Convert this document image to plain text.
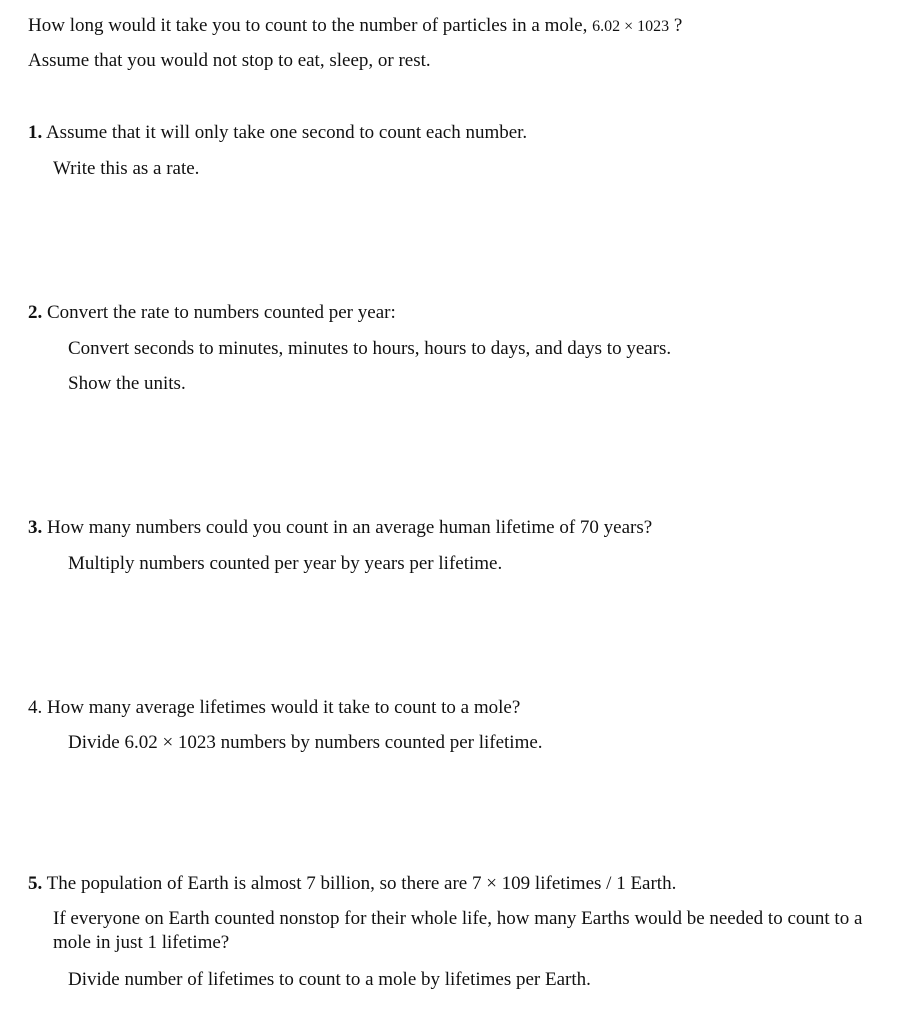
How long would it take you to count to the number of particles in a mole, 6.02 × 1023 ?
Assume that you would not stop to eat, sleep, or rest.
1. Assume that it will only take one second to count each number.
Write this as a rate.
2. Convert the rate to numbers counted per year:
Convert seconds to minutes, minutes to hours, hours to days, and days to years.
Show the units.
3. How many numbers could you count in an average human lifetime of 70 years?
Multiply numbers counted per year by years per lifetime.
4. How many average lifetimes would it take to count to a mole?
Divide 6.02 × 1023 numbers by numbers counted per lifetime.
5. The population of Earth is almost 7 billion, so there are 7 × 109 lifetimes / 1 Earth.
If everyone on Earth counted nonstop for their whole life, how many Earths would be needed to count to a mole in just 1 lifetime?
Divide number of lifetimes to count to a mole by lifetimes per Earth.
